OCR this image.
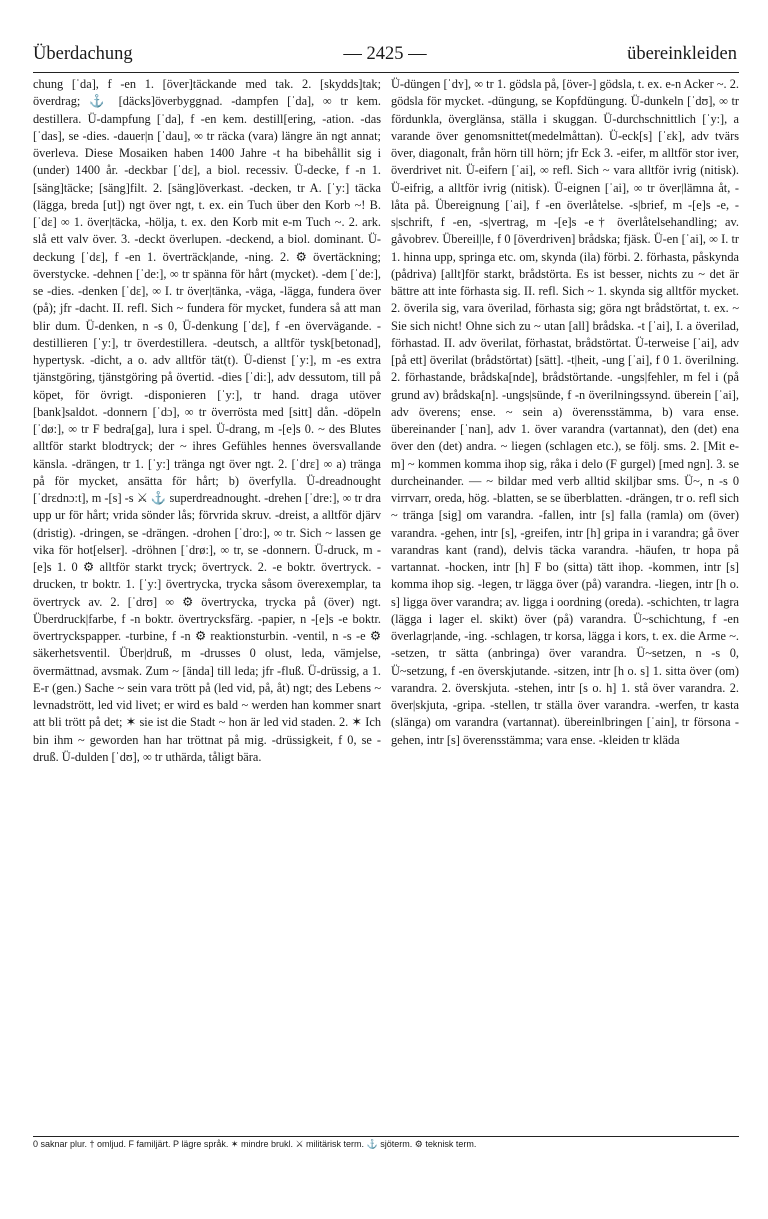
Überdachung	— 2425 —	übereinkleiden

chung [ˈda], f -en 1. [över]täckande med tak. 2. [skydds]tak; överdrag; ⚓ [däcks]överbyggnad. -dampfen [ˈda], ∞ tr kem. destillera. Ü-dampfung [ˈda], f -en kem. destill[ering, -ation. -das [ˈdas], se -dies. -dauer|n [ˈdau], ∞ tr räcka (vara) längre än ngt annat; överleva. Diese Mosaiken haben 1400 Jahre -t ha bibehållit sig i (under) 1400 år. -deckbar [ˈdɛ], a biol. recessiv. Ü-decke, f -n 1. [säng]täcke; [säng]filt. 2. [säng]överkast. -decken, tr A. [ˈy:] täcka (lägga, breda [ut]) ngt över ngt, t. ex. ein Tuch über den Korb ~! B. [ˈdɛ] ∞ 1. över|täcka, -hölja, t. ex. den Korb mit e-m Tuch ~. 2. ark. slå ett valv över. 3. -deckt överlupen. -deckend, a biol. dominant. Ü-deckung [ˈdɛ], f -en 1. överträck|ande, -ning. 2. ⚙ övertäckning; överstycke. -dehnen [ˈde:], ∞ tr spänna för hårt (mycket). -dem [ˈde:], se -dies. -denken [ˈdɛ], ∞ I. tr över|tänka, -väga, -lägga, fundera över (på); jfr -dacht. II. refl. Sich ~ fundera för mycket, fundera så att man blir dum. Ü-denken, n -s 0, Ü-denkung [ˈdɛ], f -en övervägande. -destillieren [ˈy:], tr överdestillera. -deutsch, a alltför tysk[betonad], hypertysk. -dicht, a o. adv alltför tät(t). Ü-dienst [ˈy:], m -es extra tjänstgöring, tjänstgöring på övertid. -dies [ˈdi:], adv dessutom, till på köpet, för övrigt. -disponieren [ˈy:], tr hand. draga utöver [bank]saldot. -donnern [ˈdɔ], ∞ tr överrösta med [sitt] dån. -döpeln [ˈdø:], ∞ tr F bedra[ga], lura i spel. Ü-drang, m -[e]s 0. ~ des Blutes alltför starkt blodtryck; der ~ ihres Gefühles hennes översvallande känsla. -drängen, tr 1. [ˈy:] tränga ngt över ngt. 2. [ˈdrɛ] ∞ a) tränga på för mycket, ansätta för hårt; b) överfylla. Ü-dreadnought [ˈdrɛdnɔ:t], m -[s] -s ⚔ ⚓ superdreadnought. -drehen [ˈdre:], ∞ tr dra upp ur för hårt; vrida sönder lås; förvrida skruv. -dreist, a alltför djärv (dristig). -dringen, se -drängen. -drohen [ˈdro:], ∞ tr. Sich ~ lassen ge vika för hot[elser]. -dröhnen [ˈdrø:], ∞ tr, se -donnern. Ü-druck, m -[e]s 1. 0 ⚙ alltför starkt tryck; övertryck. 2. -e boktr. övertryck. -drucken, tr boktr. 1. [ˈy:] övertrycka, trycka såsom överexemplar, ta övertryck av. 2. [ˈdrʊ] ∞ ⚙ övertrycka, trycka på (över) ngt. Überdruck|farbe, f -n boktr. övertrycksfärg. -papier, n -[e]s -e boktr. övertryckspapper. -turbine, f -n ⚙ reaktionsturbin. -ventil, n -s -e ⚙ säkerhetsventil. Über|druß, m -drusses 0 olust, leda, vämjelse, övermättnad, avsmak. Zum ~ [ända] till leda; jfr -fluß. Ü-drüssig, a 1. E-r (gen.) Sache ~ sein vara trött på (led vid, på, åt) ngt; des Lebens ~ levnadstrött, led vid livet; er wird es bald ~ werden han kommer snart att bli trött på det; ✶ sie ist die Stadt ~ hon är led vid staden. 2. ✶ Ich bin ihm ~ geworden han har tröttnat på mig. -drüssigkeit, f 0, se -druß. Ü-dulden [ˈdʊ], ∞ tr uthärda, tåligt bära.

Ü-düngen [ˈdʏ], ∞ tr 1. gödsla på, [över-] gödsla, t. ex. e-n Acker ~. 2. gödsla för mycket. -düngung, se Kopfdüngung. Ü-dunkeln [ˈdʊ], ∞ tr fördunkla, överglänsa, ställa i skuggan. Ü-durchschnittlich [ˈy:], a varande över genomsnittet(medelmåttan). Ü-eck[s] [ˈɛk], adv tvärs över, diagonalt, från hörn till hörn; jfr Eck 3. -eifer, m alltför stor iver, överdrivet nit. Ü-eifern [ˈai], ∞ refl. Sich ~ vara alltför ivrig (nitisk). Ü-eifrig, a alltför ivrig (nitisk). Ü-eignen [ˈai], ∞ tr över|lämna åt, -låta på. Übereignung [ˈai], f -en överlåtelse. -s|brief, m -[e]s -e, -s|schrift, f -en, -s|vertrag, m -[e]s -e† överlåtelsehandling; av. gåvobrev. Übereil|le, f 0 [överdriven] brådska; fjäsk. Ü-en [ˈai], ∞ I. tr 1. hinna upp, springa etc. om, skynda (ila) förbi. 2. förhasta, påskynda (pådriva) [allt]för starkt, brådstörta. Es ist besser, nichts zu ~ det är bättre att inte förhasta sig. II. refl. Sich ~ 1. skynda sig alltför mycket. 2. överila sig, vara överilad, förhasta sig; göra ngt brådstörtat, t. ex. ~ Sie sich nicht! Ohne sich zu ~ utan [all] brådska. -t [ˈai], I. a överilad, förhastad. II. adv överilat, förhastat, brådstörtat. Ü-terweise [ˈai], adv [på ett] överilat (brådstörtat) [sätt]. -t|heit, -ung [ˈai], f 0 1. överilning. 2. förhastande, brådska[nde], brådstörtande. -ungs|fehler, m fel i (på grund av) brådska[n]. -ungs|sünde, f -n överilningssynd. überein [ˈai], adv överens; ense. ~ sein a) överensstämma, b) vara ense. übereinander [ˈnan], adv 1. över varandra (vartannat), den (det) ena över den (det) andra. ~ liegen (schlagen etc.), se följ. sms. 2. [Mit e-m] ~ kommen komma ihop sig, råka i delo (F gurgel) [med ngn]. 3. se durcheinander. — ~ bildar med verb alltid skiljbar sms. Ü~, n -s 0 virrvarr, oreda, hög. -blatten, se se überblatten. -drängen, tr o. refl sich ~ tränga [sig] om varandra. -fallen, intr [s] falla (ramla) om (över) varandra. -gehen, intr [s], -greifen, intr [h] gripa in i varandra; gå över varandras kant (rand), delvis täcka varandra. -häufen, tr hopa på vartannat. -hocken, intr [h] F bo (sitta) tätt ihop. -kommen, intr [s] komma ihop sig. -legen, tr lägga över (på) varandra. -liegen, intr [h o. s] ligga över varandra; av. ligga i oordning (oreda). -schichten, tr lagra (lägga i lager el. skikt) över (på) varandra. Ü~schichtung, f -en överlagr|ande, -ing. -schlagen, tr korsa, lägga i kors, t. ex. die Arme ~. -setzen, tr sätta (anbringa) över varandra. Ü~setzen, n -s 0, Ü~setzung, f -en överskjutande. -sitzen, intr [h o. s] 1. sitta över (om) varandra. 2. överskjuta. -stehen, intr [s o. h] 1. stå över varandra. 2. över|skjuta, -gripa. -stellen, tr ställa över varandra. -werfen, tr kasta (slänga) om varandra (vartannat). übereinlbringen [ˈain], tr försona -gehen, intr [s] överensstämma; vara ense. -kleiden tr kläda

0 saknar plur. † omljud. F familjärt. P lägre språk. ✶ mindre brukl. ⚔ militärisk term. ⚓ sjöterm. ⚙ teknisk term.
